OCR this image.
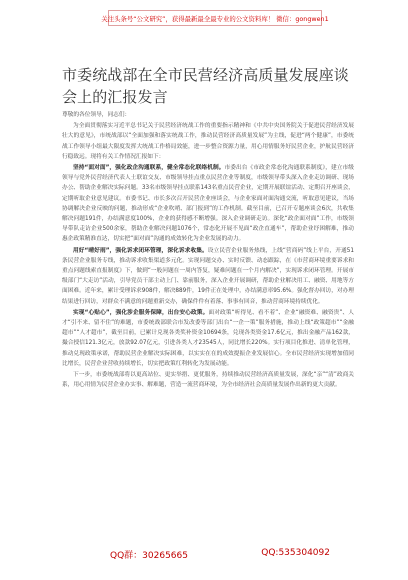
关注头条号“公文研究”，获得最新最全最专业的公文资料库！ 微信：gongwen1
市委统战部在全市民营经济高质量发展座谈会上的汇报发言

尊敬的各位领导，同志们：

为全面贯彻落实习近平总书记关于民营经济统战工作的重要指示精神和《中共中央国务院关于促进民营经济发展壮大的意见》，市统战部以“全面加强和落实统战工作，推动民营经济高质量发展”为主线，促进“两个健康”，市委统战工作领导小组最大限度发挥大统战工作格局效能，进一步整合资源力量，用心用情服务好民营企业，护航民营经济行稳致远。现将有关工作情况汇报如下：

坚持“面对面”，强化政企沟通联系，健全常态化联络机制。市委出台《市政企常态化沟通联系制度》，建立市级领导与党外民营经济代表人士联谊交友、市级领导挂点重点民营企业等制度，市级领导带头深入企业走访调研、现场办公、帮助企业解决实际问题。33名市级领导挂点联系143名重点民营企业，定期开展联谊活动、定期召开座谈会，定期听取企业意见建议。市委书记、市长多次召开民营企业座谈会，与企业家面对面沟通交流，听取意见建议，当场协调解决企业反映的问题，推动形成“企业吹哨、部门报到”的工作机制。截至目前，已召开专题座谈会6次，共收集解决问题191件，办结满意度100%，企业的获得感不断增强。深入企业调研走访。深化“政企面对面”工作，市级领导带队走访企业500余家，帮助企业解决问题1076个，常态化开展不见面“政企直通车”，帮助企业纾困解难，推动惠企政策精准直达，切实把“面对面”沟通的成效转化为企业发展的动力。

用好“晴好雨”，强化诉求闭环管理，深化诉求收集。设立民营企业服务热线，上线“营商码”线上平台，开通51条民营企业服务专线，推动诉求收集渠道多元化。实现问题交办、实时反馈、动态跟踪，在《市营商环境重要诉求和重点问题线索直报制度》下，做到“一般问题在一周内答复，疑难问题在一个月内解决”，实现诉求闭环管理。开展市级部门“大走访”活动，引导党员干部主动上门、靠前服务，深入企业开展调研，帮助企业解决用工、融资、用地等方面困难。近年来，累计受理诉求908件，解决889件，19件正在处理中，办结满意率95.6%。强化督办回访，对办理结果进行回访，对群众不满意的问题重新交办，确保件件有着落、事事有回音，推动营商环境持续优化。

实现“心贴心”，强化涉企服务保障，出台安心政策。面对政策“听得见、看不着”、企业“融资难、融资贵”、人才“引不来、留不住”的难题，市委统战部联合市发改委等部门出台“一企一策”服务措施，推动上线“政策超市”“金融超市”“人才超市”，截至目前，已累计兑现各类奖补资金10694条，兑现各类资金17.6亿元，推出金融产品162款，撮合授信121.3亿元，放款92.07亿元，引进各类人才23545人，同比增长220%。实行项目化推进、清单化管理，推动兑现政策承诺，帮助民营企业解决实际困难，以实实在在的成效提振企业发展信心。全市民营经济实现增加值同比增长，民营企业营收持续增长，切实把政策红利转化为发展动能。

下一步，市委统战部将以更高站位、更实举措、更优服务，持续推动民营经济高质量发展，深化“亲”“清”政商关系，用心用情为民营企业办实事、解难题，营造一流营商环境，为全市经济社会高质量发展作出新的更大贡献。

QQ群：30265665	QQ:535304092
